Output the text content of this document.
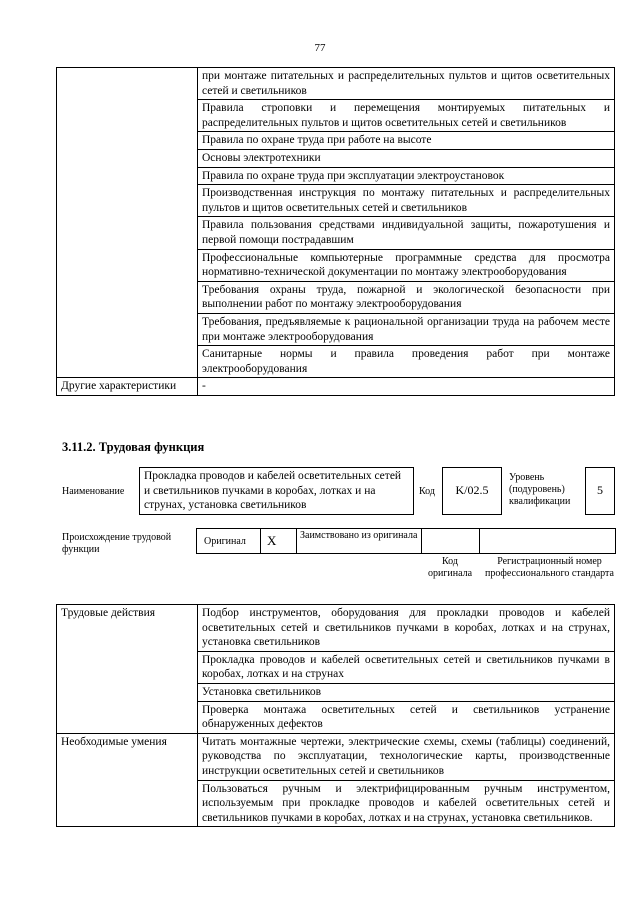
77
	при монтаже питательных и распределительных пультов и щитов осветительных сетей и светильников
	Правила строповки и перемещения монтируемых питательных и распределительных пультов и щитов осветительных сетей и светильников
	Правила по охране труда при работе на высоте
	Основы электротехники
	Правила по охране труда при эксплуатации электроустановок
	Производственная инструкция по монтажу питательных и распределительных пультов и щитов осветительных сетей и светильников
	Правила пользования средствами индивидуальной защиты, пожаротушения и первой помощи пострадавшим
	Профессиональные компьютерные программные средства для просмотра нормативно-технической документации по монтажу электрооборудования
	Требования охраны труда, пожарной и экологической безопасности при выполнении работ по монтажу электрооборудования
	Требования, предъявляемые к рациональной организации труда на рабочем месте при монтаже электрооборудования
	Санитарные нормы и правила проведения работ при монтаже электрооборудования
Другие характеристики	-
3.11.2. Трудовая функция
Наименование
Прокладка проводов и кабелей осветительных сетей и светильников пучками в коробах, лотках и на струнах, установка светильников
Код	K/02.5
Уровень (подуровень) квалификации
5
Происхождение трудовой функции
Оригинал X Заимствовано из оригинала
Код оригинала
Регистрационный номер профессионального стандарта
Трудовые действия	Подбор инструментов, оборудования для прокладки проводов и кабелей осветительных сетей и светильников пучками в коробах, лотках и на струнах, установка светильников
	Прокладка проводов и кабелей осветительных сетей и светильников пучками в коробах, лотках и на струнах
	Установка светильников
	Проверка монтажа осветительных сетей и светильников устранение обнаруженных дефектов
Необходимые умения	Читать монтажные чертежи, электрические схемы, схемы (таблицы) соединений, руководства по эксплуатации, технологические карты, производственные инструкции осветительных сетей и светильников
	Пользоваться ручным и электрифицированным ручным инструментом, используемым при прокладке проводов и кабелей осветительных сетей и светильников пучками в коробах, лотках и на струнах, установка светильников.
